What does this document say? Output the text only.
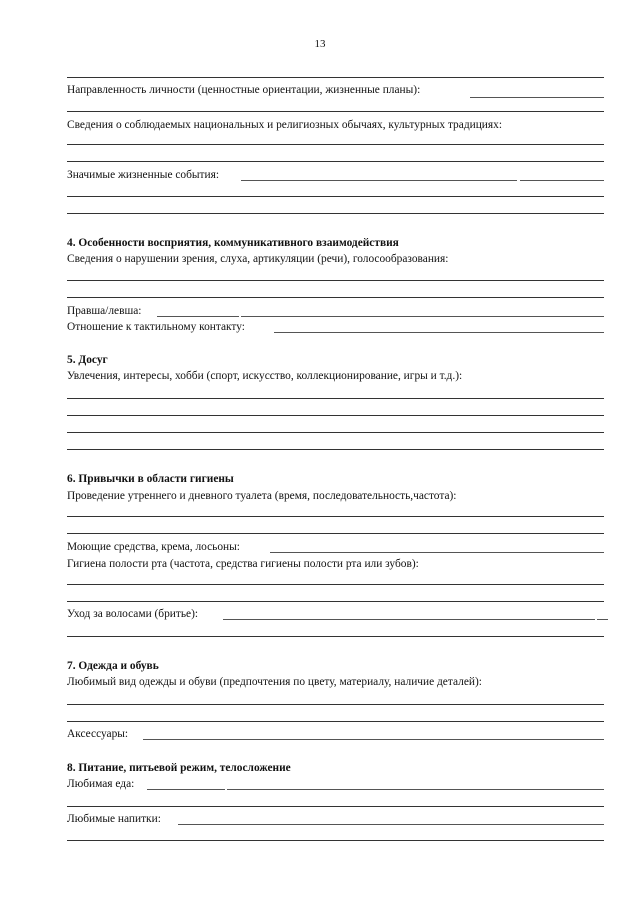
13
Направленность личности (ценностные ориентации, жизненные планы):
Сведения о соблюдаемых национальных и религиозных обычаях, культурных традициях:
Значимые жизненные события:
4. Особенности восприятия, коммуникативного взаимодействия
Сведения о нарушении зрения, слуха, артикуляции (речи), голосообразования:
Правша/левша:
Отношение к тактильному контакту:
5. Досуг
Увлечения, интересы, хобби (спорт, искусство, коллекционирование, игры и т.д.):
6. Привычки в области гигиены
Проведение утреннего и дневного туалета (время, последовательность,частота):
Моющие средства, крема, лосьоны:
Гигиена полости рта (частота, средства гигиены полости рта или зубов):
Уход за волосами (бритье):
7. Одежда и обувь
Любимый вид одежды и обуви (предпочтения по цвету, материалу, наличие деталей):
Аксессуары:
8. Питание, питьевой режим, телосложение
Любимая еда:
Любимые напитки:
